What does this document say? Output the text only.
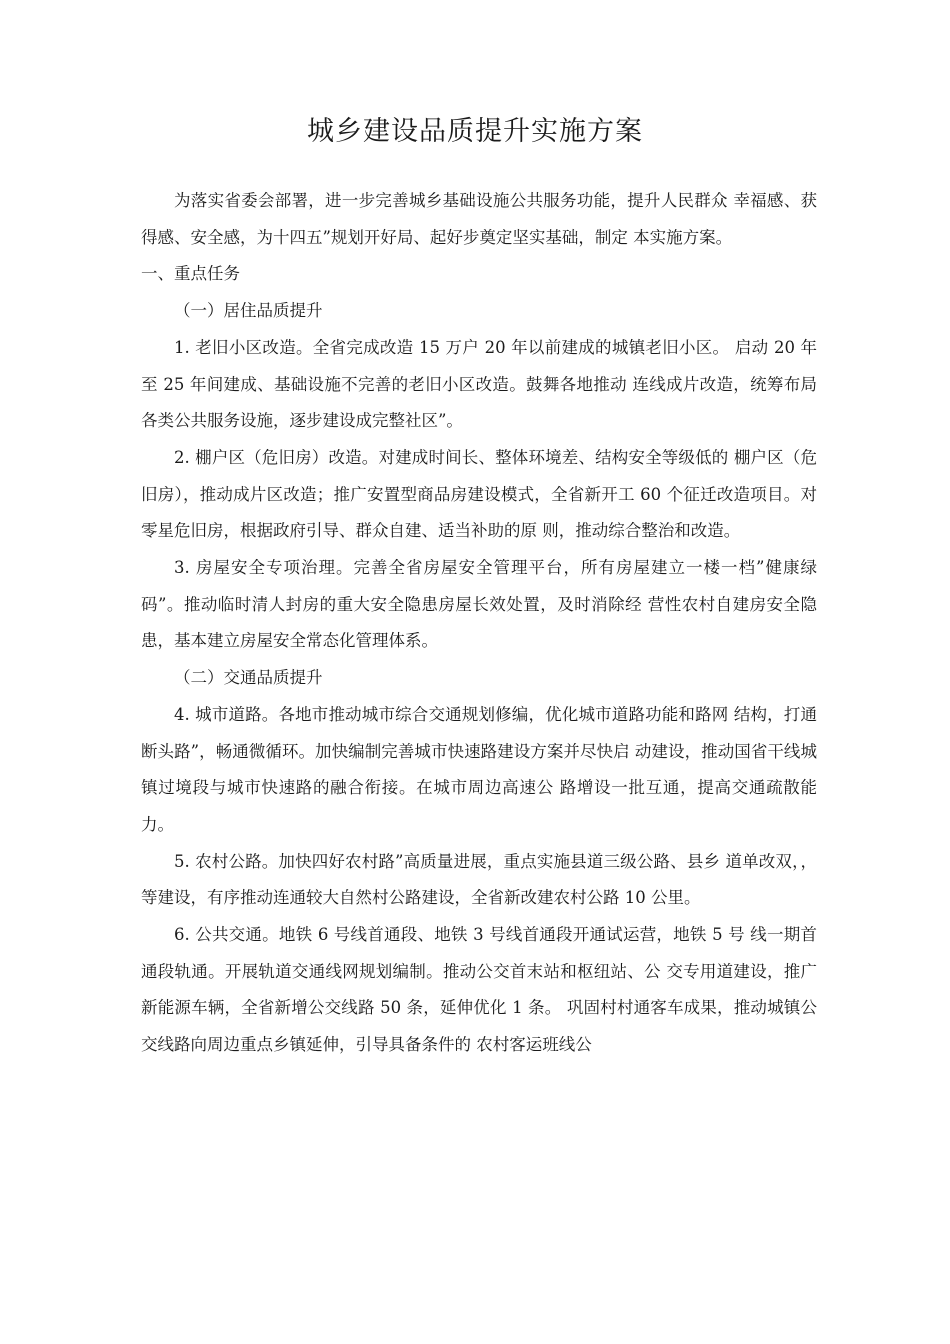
城乡建设品质提升实施方案

为落实省委会部署，进一步完善城乡基础设施公共服务功能，提升人民群众 幸福感、获得感、安全感，为十四五”规划开好局、起好步奠定坚实基础，制定 本实施方案。

一、重点任务

（一）居住品质提升

1. 老旧小区改造。全省完成改造 15 万户 20 年以前建成的城镇老旧小区。 启动 20 年至 25 年间建成、基础设施不完善的老旧小区改造。鼓舞各地推动 连线成片改造，统筹布局各类公共服务设施，逐步建设成完整社区”。

2. 棚户区（危旧房）改造。对建成时间长、整体环境差、结构安全等级低的 棚户区（危旧房），推动成片区改造；推广安置型商品房建设模式，全省新开工 60 个征迁改造项目。对零星危旧房，根据政府引导、群众自建、适当补助的原 则，推动综合整治和改造。

3. 房屋安全专项治理。完善全省房屋安全管理平台，所有房屋建立一楼一档”健康绿码”。推动临时清人封房的重大安全隐患房屋长效处置，及时消除经 营性农村自建房安全隐患，基本建立房屋安全常态化管理体系。

（二）交通品质提升

4. 城市道路。各地市推动城市综合交通规划修编，优化城市道路功能和路网 结构，打通断头路”，畅通微循环。加快编制完善城市快速路建设方案并尽快启 动建设，推动国省干线城镇过境段与城市快速路的融合衔接。在城市周边高速公 路增设一批互通，提高交通疏散能力。

5. 农村公路。加快四好农村路”高质量进展，重点实施县道三级公路、县乡 道单改双，，等建设，有序推动连通较大自然村公路建设，全省新改建农村公路 10 公里。

6. 公共交通。地铁 6 号线首通段、地铁 3 号线首通段开通试运营，地铁 5 号 线一期首通段轨通。开展轨道交通线网规划编制。推动公交首末站和枢纽站、公 交专用道建设，推广新能源车辆，全省新增公交线路 50 条，延伸优化 1 条。 巩固村村通客车成果，推动城镇公交线路向周边重点乡镇延伸，引导具备条件的 农村客运班线公
